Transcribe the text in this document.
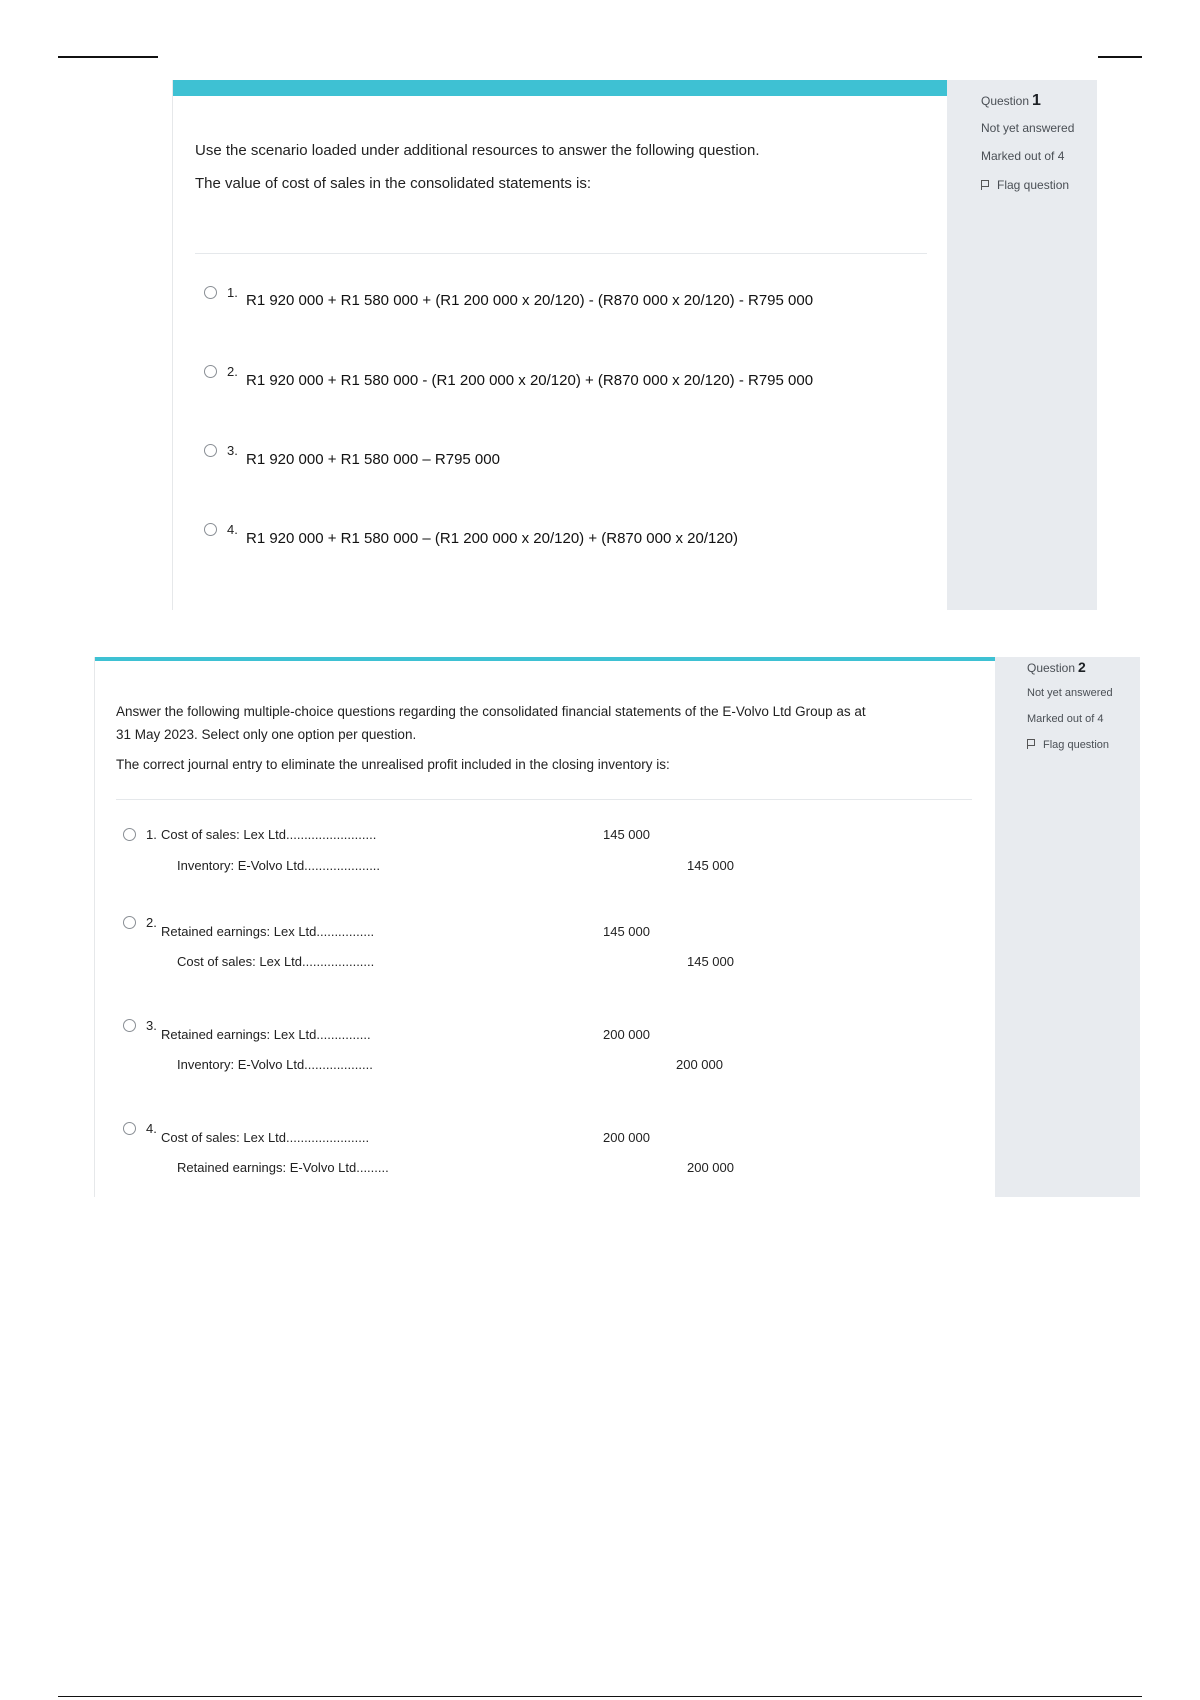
Use the scenario loaded under additional resources to answer the following question.
The value of cost of sales in the consolidated statements is:
1. R1 920 000 + R1 580 000 + (R1 200 000 x 20/120) - (R870 000 x 20/120) - R795 000
2.
R1 920 000 + R1 580 000 - (R1 200 000 x 20/120) + (R870 000 x 20/120) - R795 000
3.
R1 920 000 + R1 580 000 – R795 000
4.
R1 920 000 + R1 580 000 – (R1 200 000 x 20/120) + (R870 000 x 20/120)
Question 1
Not yet answered
Marked out of 4
Flag question
Answer the following multiple-choice questions regarding the consolidated financial statements of the E-Volvo Ltd Group as at
31 May 2023. Select only one option per question.
The correct journal entry to eliminate the unrealised profit included in the closing inventory is:
1. Cost of sales: Lex Ltd.........................	145 000
Inventory: E-Volvo Ltd.....................	145 000
2.
Retained earnings: Lex Ltd................	145 000
Cost of sales: Lex Ltd....................	145 000
3.
Retained earnings: Lex Ltd...............	200 000
Inventory: E-Volvo Ltd...................	200 000
4.
Cost of sales: Lex Ltd.......................	200 000
Retained earnings: E-Volvo Ltd.........	200 000
Question 2
Not yet answered
Marked out of 4
Flag question
